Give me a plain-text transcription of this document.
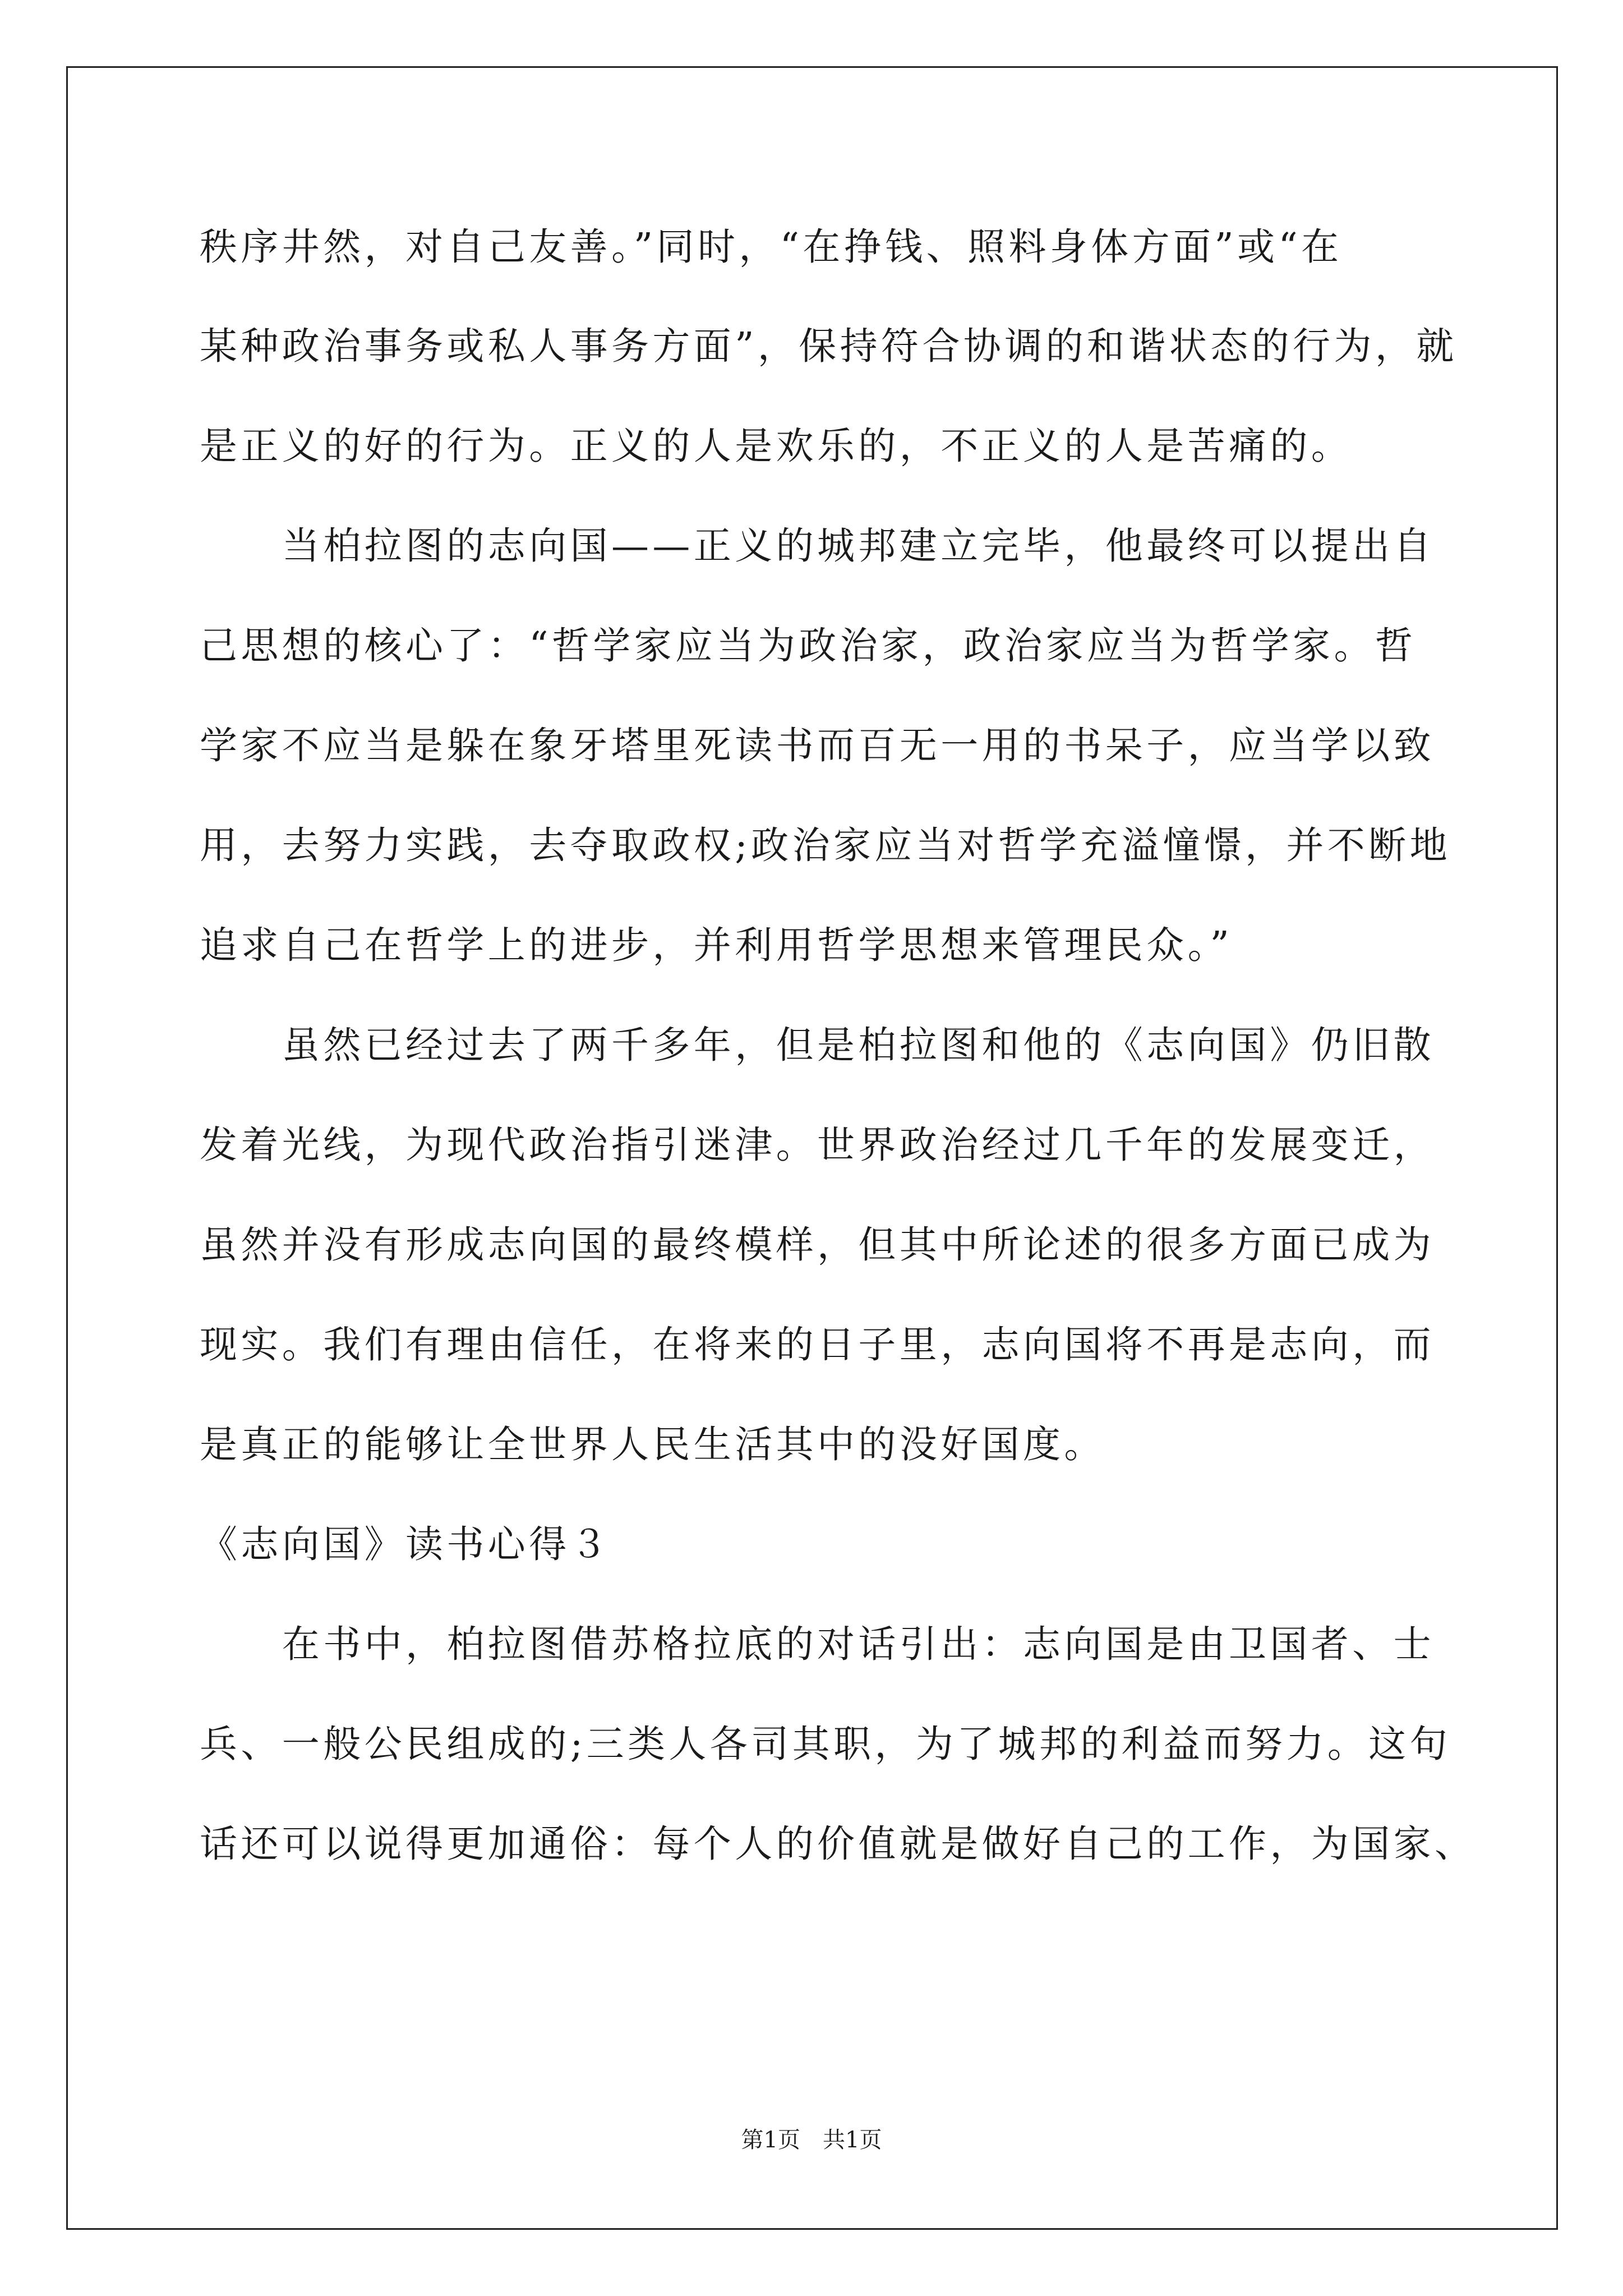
秩序井然，对自己友善。”同时，“在挣钱、照料身体方面”或“在
某种政治事务或私人事务方面”，保持符合协调的和谐状态的行为，就
是正义的好的行为。正义的人是欢乐的，不正义的人是苦痛的。
　　当柏拉图的志向国——正义的城邦建立完毕，他最终可以提出自
己思想的核心了：“哲学家应当为政治家，政治家应当为哲学家。哲
学家不应当是躲在象牙塔里死读书而百无一用的书呆子，应当学以致
用，去努力实践，去夺取政权;政治家应当对哲学充溢憧憬，并不断地
追求自己在哲学上的进步，并利用哲学思想来管理民众。”
　　虽然已经过去了两千多年，但是柏拉图和他的《志向国》仍旧散
发着光线，为现代政治指引迷津。世界政治经过几千年的发展变迁，
虽然并没有形成志向国的最终模样，但其中所论述的很多方面已成为
现实。我们有理由信任，在将来的日子里，志向国将不再是志向，而
是真正的能够让全世界人民生活其中的没好国度。
《志向国》读书心得３
　　在书中，柏拉图借苏格拉底的对话引出：志向国是由卫国者、士
兵、一般公民组成的;三类人各司其职，为了城邦的利益而努力。这句
话还可以说得更加通俗：每个人的价值就是做好自己的工作，为国家、
第1页 共1页
